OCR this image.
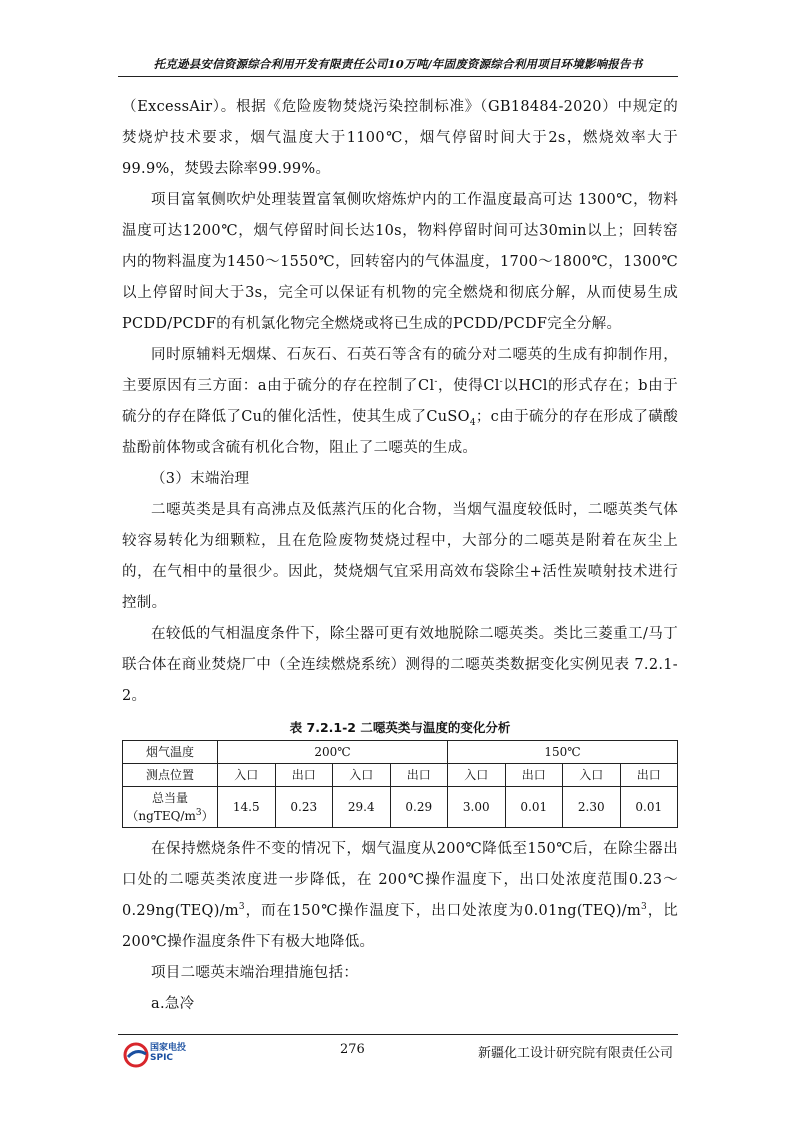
托克逊县安信资源综合利用开发有限责任公司10万吨/年固废资源综合利用项目环境影响报告书

（ExcessAir）。根据《危险废物焚烧污染控制标准》（GB18484-2020）中规定的焚烧炉技术要求，烟气温度大于1100℃，烟气停留时间大于2s，燃烧效率大于99.9%，焚毁去除率99.99%。

项目富氧侧吹炉处理装置富氧侧吹熔炼炉内的工作温度最高可达 1300℃，物料温度可达1200℃，烟气停留时间长达10s，物料停留时间可达30min以上；回转窑内的物料温度为1450～1550℃，回转窑内的气体温度，1700～1800℃，1300℃以上停留时间大于3s，完全可以保证有机物的完全燃烧和彻底分解，从而使易生成PCDD/PCDF的有机氯化物完全燃烧或将已生成的PCDD/PCDF完全分解。

同时原辅料无烟煤、石灰石、石英石等含有的硫分对二噁英的生成有抑制作用，主要原因有三方面：a由于硫分的存在控制了Cl-，使得Cl-以HCl的形式存在；b由于硫分的存在降低了Cu的催化活性，使其生成了CuSO$_4$；c由于硫分的存在形成了磺酸盐酚前体物或含硫有机化合物，阻止了二噁英的生成。

（3）末端治理

二噁英类是具有高沸点及低蒸汽压的化合物，当烟气温度较低时，二噁英类气体较容易转化为细颗粒，且在危险废物焚烧过程中，大部分的二噁英是附着在灰尘上的，在气相中的量很少。因此，焚烧烟气宜采用高效布袋除尘+活性炭喷射技术进行控制。

在较低的气相温度条件下，除尘器可更有效地脱除二噁英类。类比三菱重工/马丁联合体在商业焚烧厂中（全连续燃烧系统）测得的二噁英类数据变化实例见表 7.2.1-2。

表 7.2.1-2 二噁英类与温度的变化分析
烟气温度	200℃				150℃			
测点位置	入口	出口	入口	出口	入口	出口	入口	出口
总当量
$(ngTEQ/m^3)$	14.5	0.23	29.4	0.29	3.00	0.01	2.30	0.01

在保持燃烧条件不变的情况下，烟气温度从200℃降低至150℃后，在除尘器出口处的二噁英类浓度进一步降低，在 200℃操作温度下，出口处浓度范围$0.23\sim 0.29ng(TEQ)/m^3$，而在150℃操作温度下，出口处浓度为$0.01ng(TEQ)/m^3$，比200℃操作温度条件下有极大地降低。

项目二噁英末端治理措施包括：

a.急冷

国家电投
SPIC
276	新疆化工设计研究院有限责任公司
